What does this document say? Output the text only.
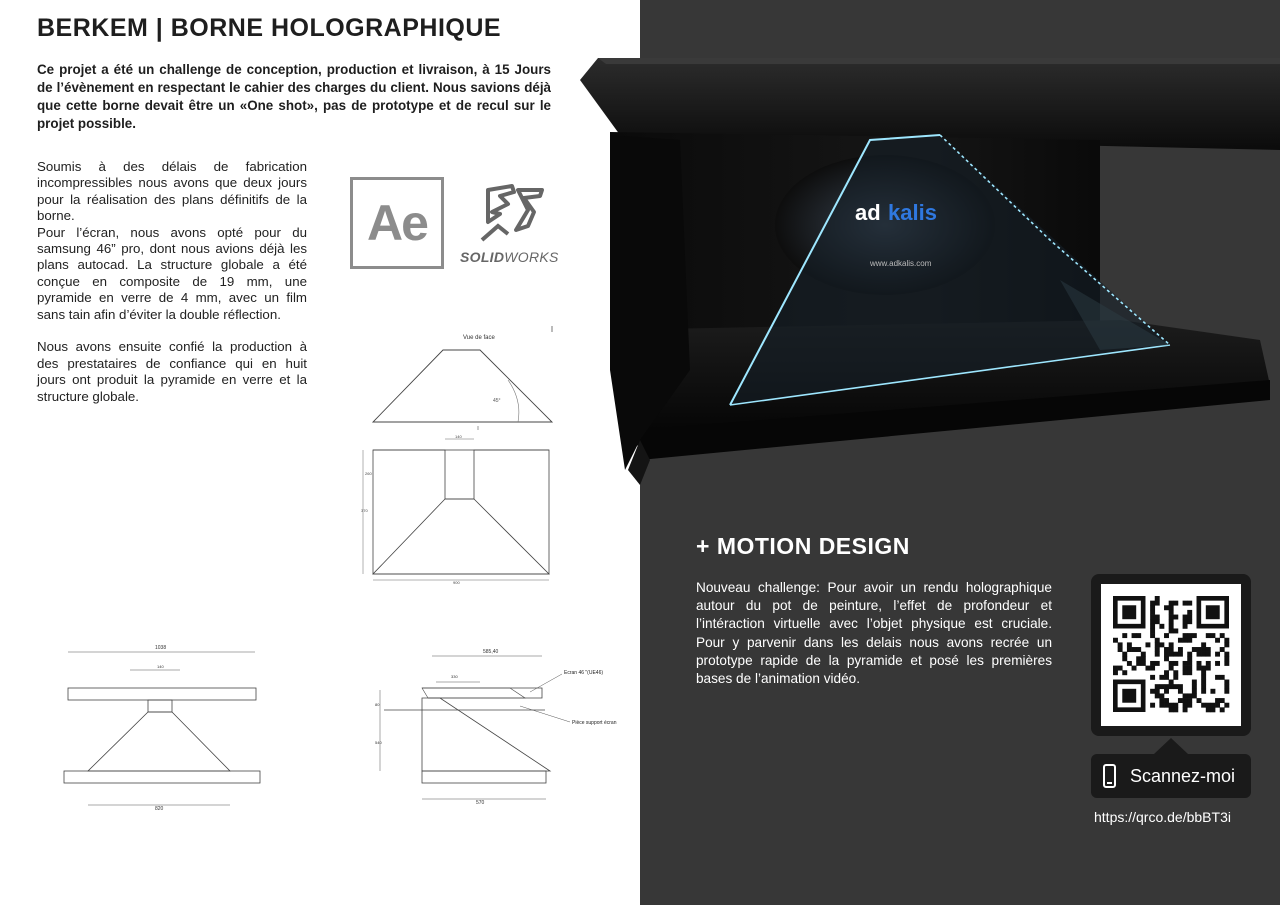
BERKEM | BORNE HOLOGRAPHIQUE
Ce projet a été un challenge de conception, production et livraison, à 15 Jours de l’évènement en respectant le cahier des charges du client. Nous savions déjà que cette borne devait être un «One shot», pas de prototype et de recul sur le projet possible.

Soumis à des délais de fabrication incompressibles nous avons que deux jours pour la réalisation des plans définitifs de la borne.

Pour l’écran, nous avons opté pour du samsung 46” pro, dont nous avions déjà les plans autocad. La structure globale a été conçue en composite de 19 mm, une pyramide en verre de 4 mm, avec un film sans tain afin d’éviter la double réflection.

Nous avons ensuite confié la production à des prestataires de confiance qui en huit jours ont produit la pyramide en verre et la structure globale.

Ae
SOLIDWORKS
Vue de face
45°
140
260
370
900
1038
140
820
585,40
330
80
540
Ecran 46 "(UE46)
Pièce support écran
570
ad kalis
www.adkalis.com
+ MOTION DESIGN
Nouveau challenge: Pour avoir un rendu holographique autour du pot de peinture, l’effet de profondeur et l’intéraction virtuelle avec l’objet physique est cruciale. Pour y parvenir dans les delais nous avons recrée un prototype rapide de la pyramide et posé les premières bases de l’animation vidéo.
Scannez-moi
https://qrco.de/bbBT3i
